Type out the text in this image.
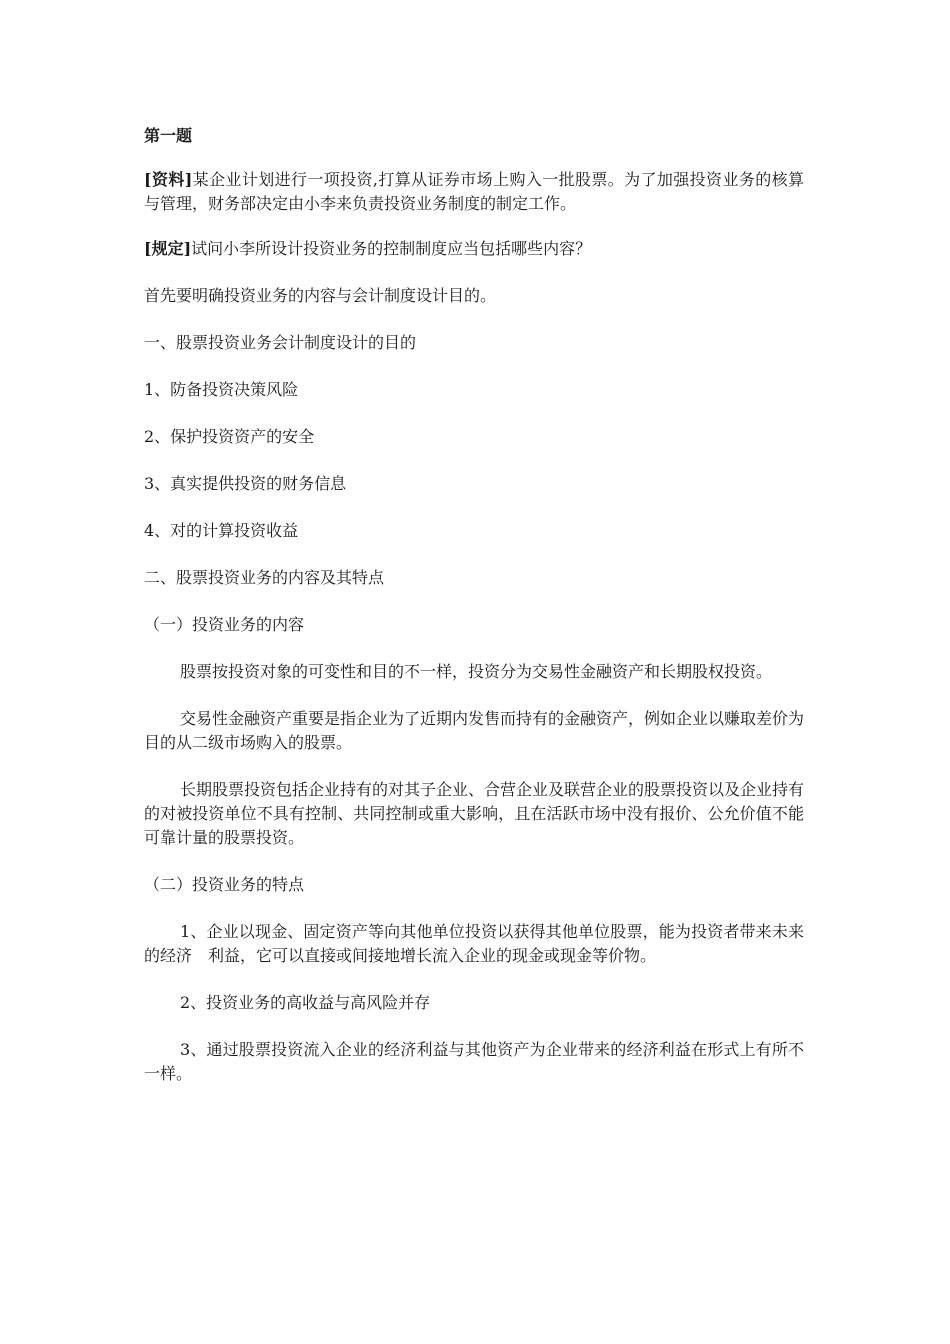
第一题

[资料]某企业计划进行一项投资,打算从证券市场上购入一批股票。为了加强投资业务的核算与管理，财务部决定由小李来负责投资业务制度的制定工作。

[规定]试问小李所设计投资业务的控制制度应当包括哪些内容？

首先要明确投资业务的内容与会计制度设计目的。

一、股票投资业务会计制度设计的目的

1、防备投资决策风险

2、保护投资资产的安全

3、真实提供投资的财务信息

4、对的计算投资收益

二、股票投资业务的内容及其特点

（一）投资业务的内容

股票按投资对象的可变性和目的不一样，投资分为交易性金融资产和长期股权投资。

交易性金融资产重要是指企业为了近期内发售而持有的金融资产，例如企业以赚取差价为目的从二级市场购入的股票。

长期股票投资包括企业持有的对其子企业、合营企业及联营企业的股票投资以及企业持有的对被投资单位不具有控制、共同控制或重大影响，且在活跃市场中没有报价、公允价值不能可靠计量的股票投资。

（二）投资业务的特点

1、企业以现金、固定资产等向其他单位投资以获得其他单位股票，能为投资者带来未来的经济　利益，它可以直接或间接地增长流入企业的现金或现金等价物。

2、投资业务的高收益与高风险并存

3、通过股票投资流入企业的经济利益与其他资产为企业带来的经济利益在形式上有所不一样。
